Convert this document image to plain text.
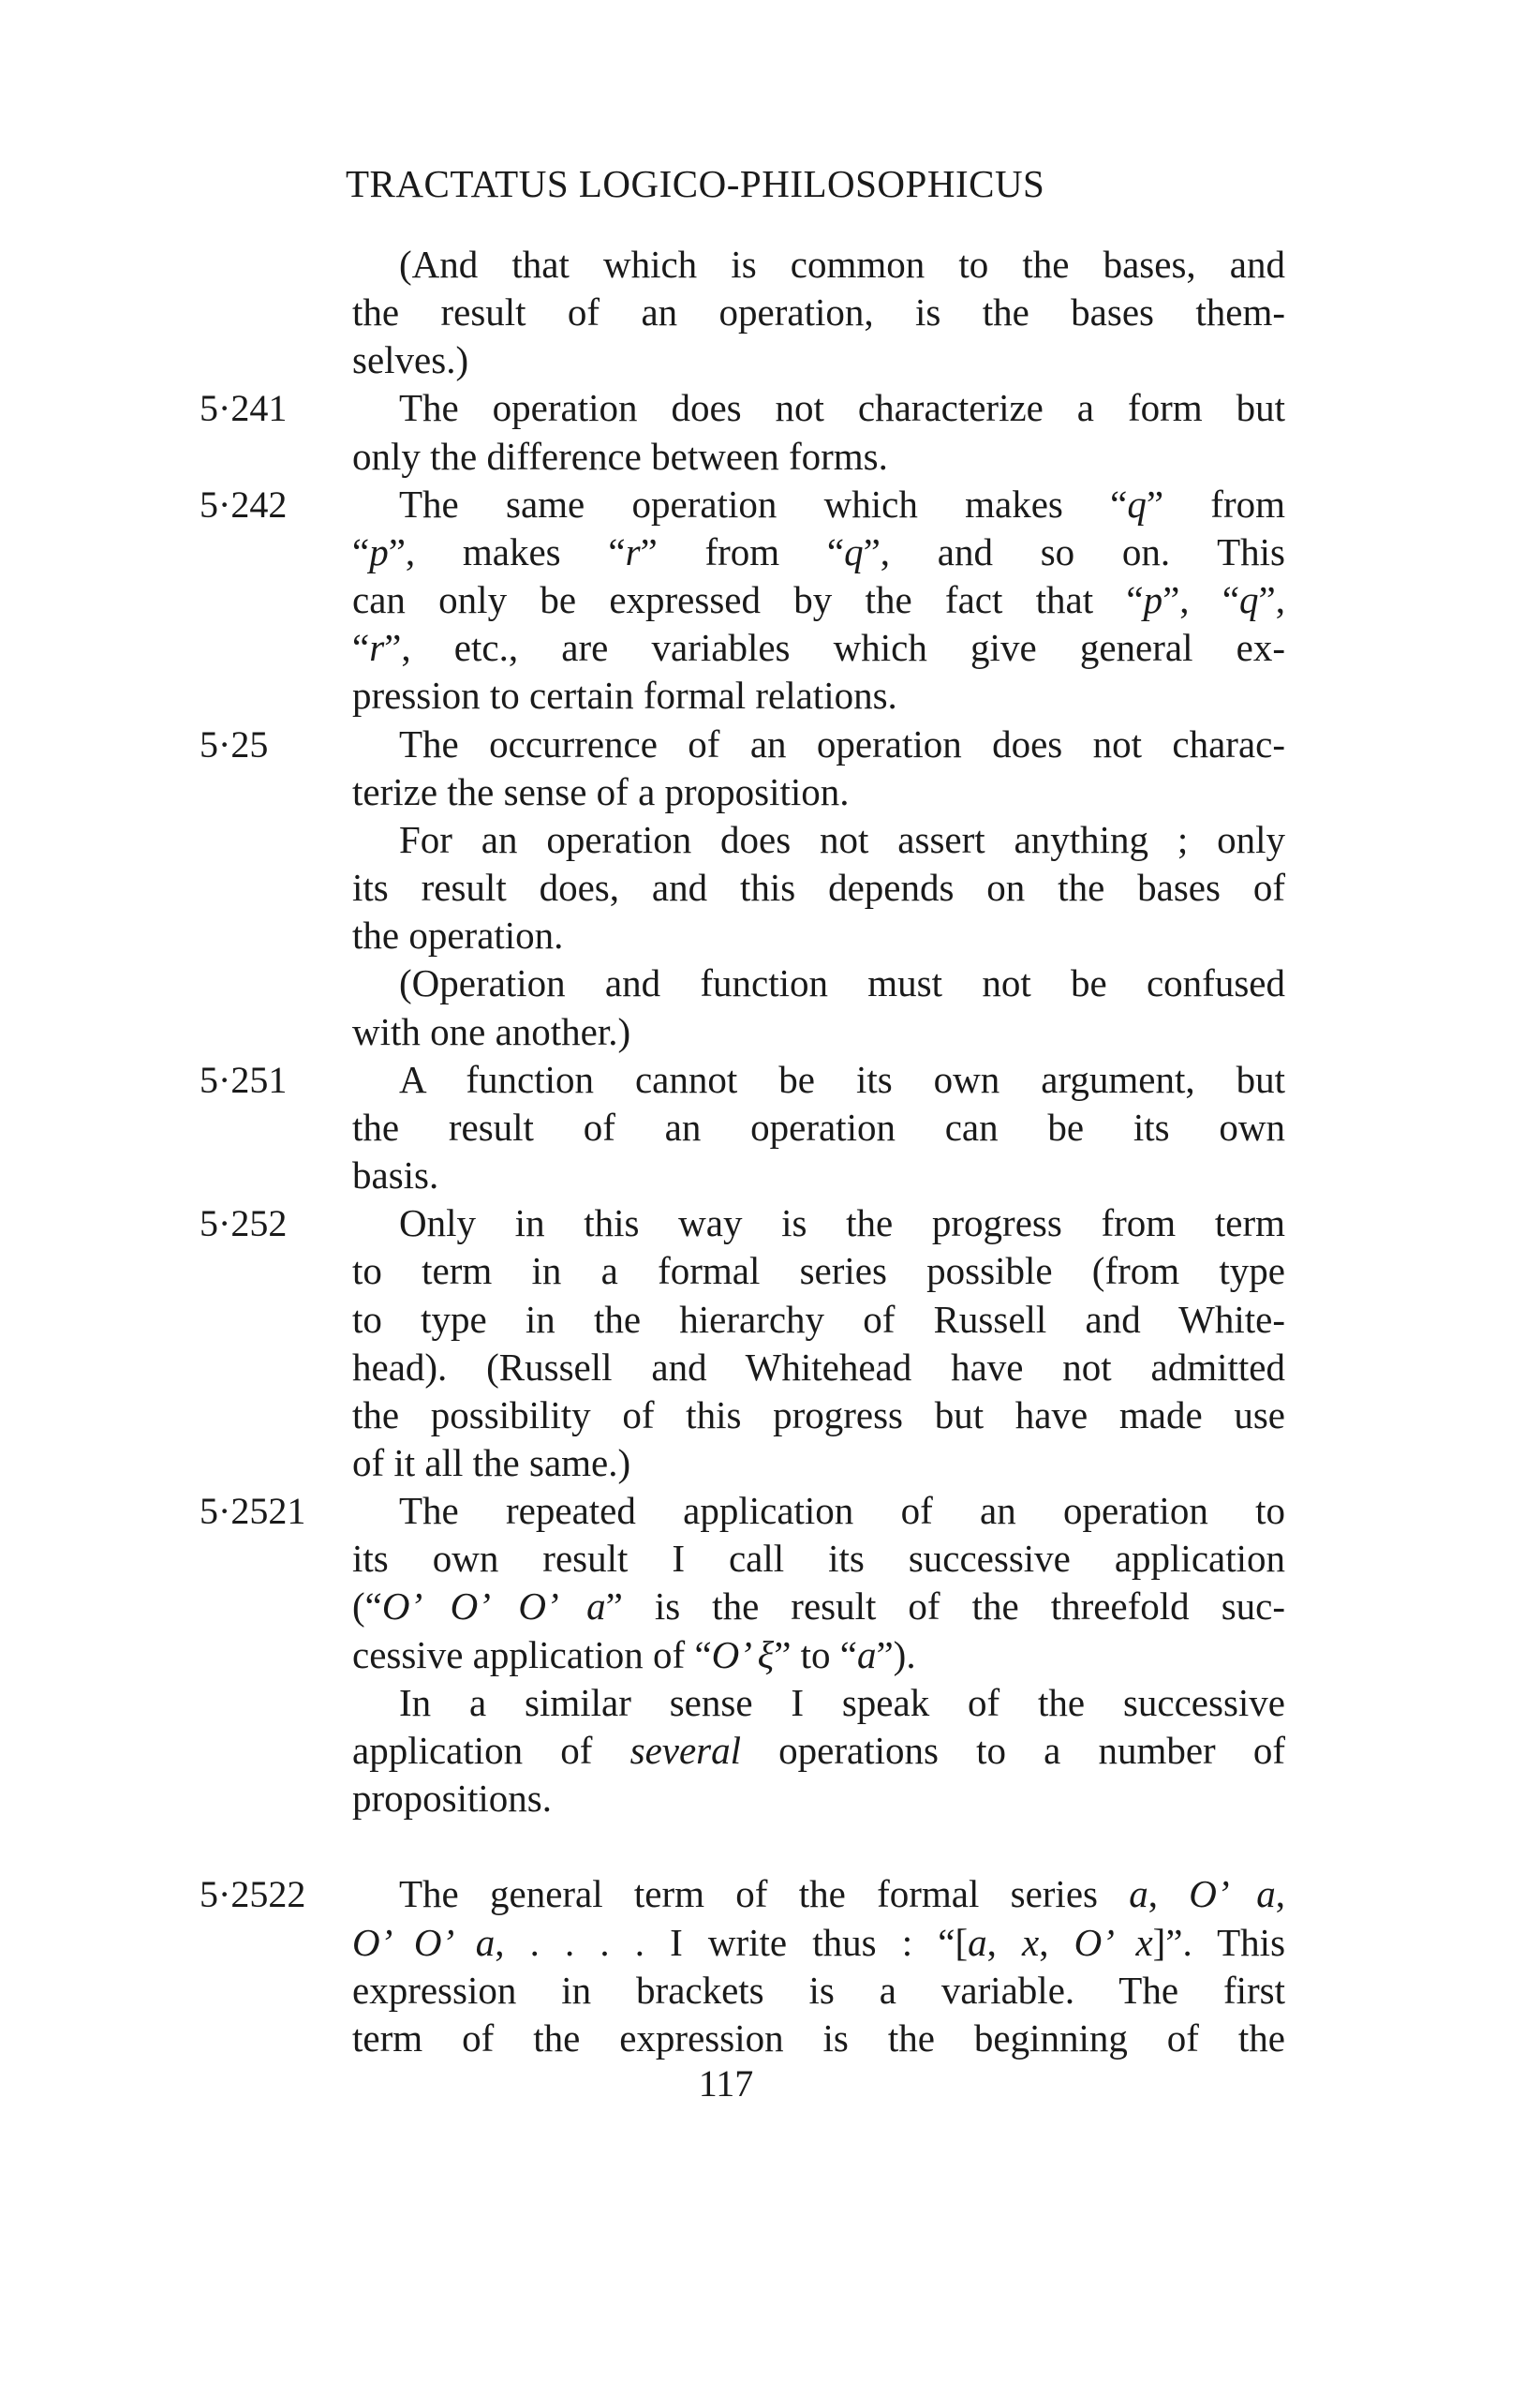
TRACTATUS LOGICO-PHILOSOPHICUS
(And that which is common to the bases, and
the result of an operation, is the bases them-
selves.)
5·241	The operation does not characterize a form but
only the difference between forms.
5·242	The same operation which makes “q” from
“p”, makes “r” from “q”, and so on. This
can only be expressed by the fact that “p”, “q”,
“r”, etc., are variables which give general ex-
pression to certain formal relations.
5·25	The occurrence of an operation does not charac-
terize the sense of a proposition.
For an operation does not assert anything ; only
its result does, and this depends on the bases of
the operation.
(Operation and function must not be confused
with one another.)
5·251	A function cannot be its own argument, but
the result of an operation can be its own
basis.
5·252	Only in this way is the progress from term
to term in a formal series possible (from type
to type in the hierarchy of Russell and White-
head). (Russell and Whitehead have not admitted
the possibility of this progress but have made use
of it all the same.)
5·2521 The repeated application of an operation to
its own result I call its successive application
(“O’ O’ O’ a” is the result of the threefold suc-
cessive application of “O’ ξ” to “a”).
In a similar sense I speak of the successive
application of several operations to a number of
propositions.
5·2522 The general term of the formal series a, O’ a,
O’ O’ a, . . . . I write thus : “[a, x, O’ x]”. This
expression in brackets is a variable. The first
term of the expression is the beginning of the
117
